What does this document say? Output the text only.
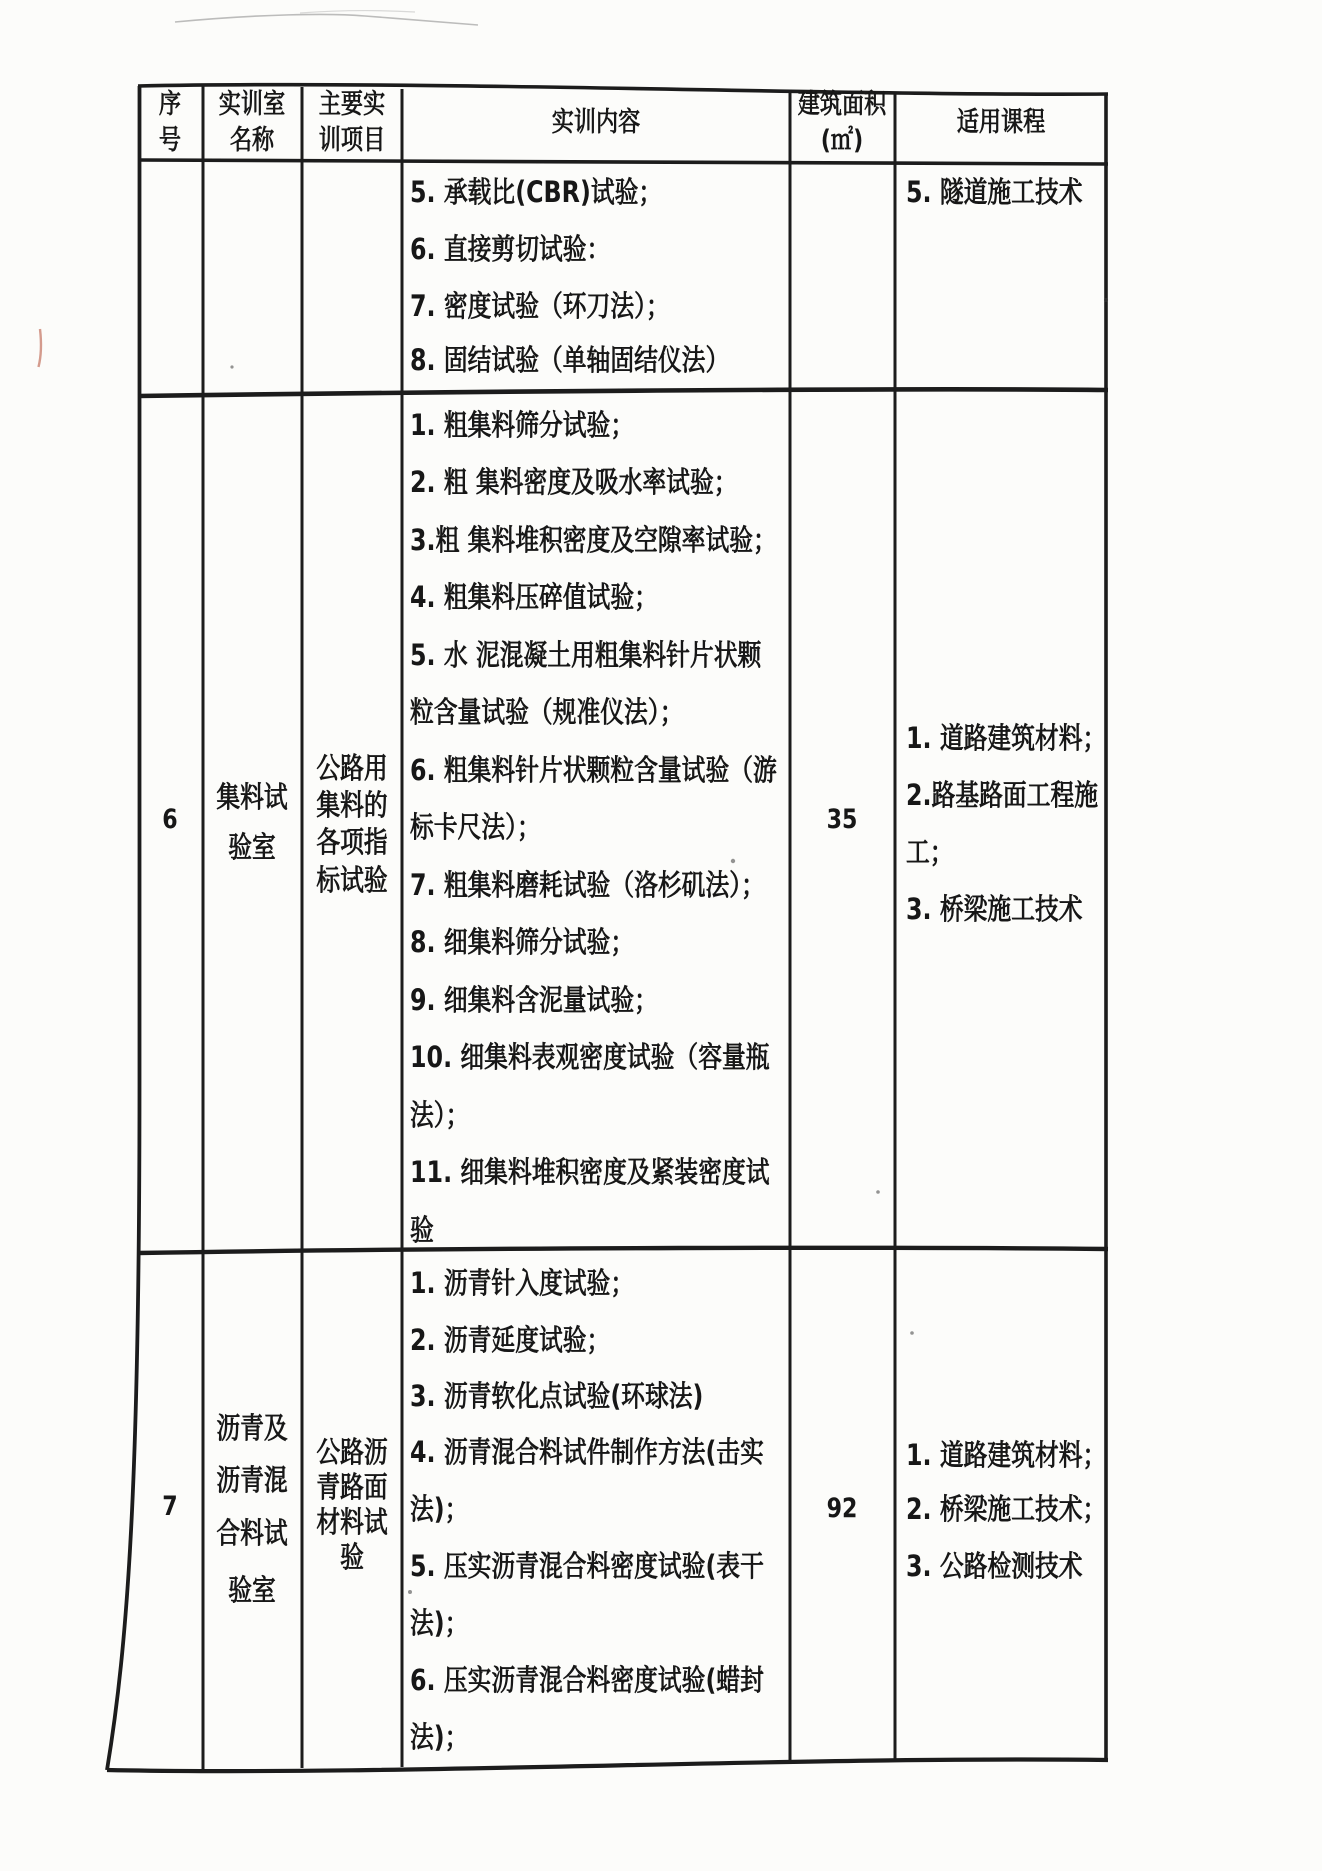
序
号
实训室
名称
主要实
训项目
实训内容
建筑面积
(㎡)
适用课程
5. 承载比(CBR)试验；
6. 直接剪切试验：
7. 密度试验（环刀法）；
8. 固结试验（单轴固结仪法）
5. 隧道施工技术
6
集料试
验室
公路用
集料的
各项指
标试验
1. 粗集料筛分试验；
2. 粗 集料密度及吸水率试验；
3.粗 集料堆积密度及空隙率试验；
4. 粗集料压碎值试验；
5. 水 泥混凝土用粗集料针片状颗
粒含量试验（规准仪法）；
6. 粗集料针片状颗粒含量试验（游
标卡尺法）；
7. 粗集料磨耗试验（洛杉矶法）；
8. 细集料筛分试验；
9. 细集料含泥量试验；
10. 细集料表观密度试验（容量瓶
法）；
11. 细集料堆积密度及紧装密度试
验
35
1. 道路建筑材料；
2.路基路面工程施
工；
3. 桥梁施工技术
7
沥青及
沥青混
合料试
验室
公路沥
青路面
材料试
验
1. 沥青针入度试验；
2. 沥青延度试验；
3. 沥青软化点试验(环球法)
4. 沥青混合料试件制作方法(击实
法)；
5. 压实沥青混合料密度试验(表干
法)；
6. 压实沥青混合料密度试验(蜡封
法)；
92
1. 道路建筑材料；
2. 桥梁施工技术；
3. 公路检测技术
